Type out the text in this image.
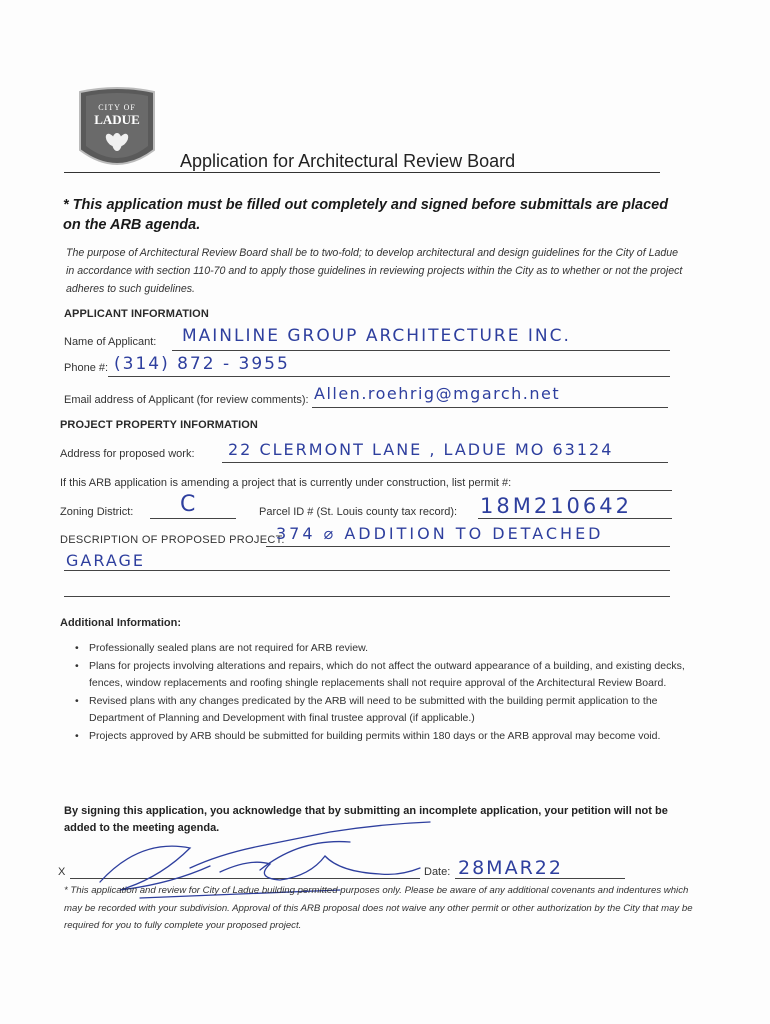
CITY OF
LADUE
Application for Architectural Review Board
* This application must be filled out completely and signed before submittals are placed on the ARB agenda.
The purpose of Architectural Review Board shall be to two-fold; to develop architectural and design guidelines for the City of Ladue in accordance with section 110-70 and to apply those guidelines in reviewing projects within the City as to whether or not the project adheres to such guidelines.
APPLICANT INFORMATION
Name of Applicant: MAINLINE GROUP ARCHITECTURE INC.
Phone #: (314) 872 - 3955
Email address of Applicant (for review comments): Allen.roehrig@mgarch.net
PROJECT PROPERTY INFORMATION
Address for proposed work: 22 CLERMONT LANE , LADUE MO 63124
If this ARB application is amending a project that is currently under construction, list permit #:
Zoning District: C	Parcel ID # (St. Louis county tax record): 18M210642
DESCRIPTION OF PROPOSED PROJECT:
374 ⌀ ADDITION TO DETACHED
GARAGE
Additional Information:

• Professionally sealed plans are not required for ARB review.

• Plans for projects involving alterations and repairs, which do not affect the outward appearance of a building, and existing decks, fences, window replacements and roofing shingle replacements shall not require approval of the Architectural Review Board.

• Revised plans with any changes predicated by the ARB will need to be submitted with the building permit application to the Department of Planning and Development with final trustee approval (if applicable.)

• Projects approved by ARB should be submitted for building permits within 180 days or the ARB approval may become void.

By signing this application, you acknowledge that by submitting an incomplete application, your petition will not be added to the meeting agenda.
X	Date: 28MAR22
* This application and review for City of Ladue building permitted purposes only. Please be aware of any additional covenants and indentures which may be recorded with your subdivision. Approval of this ARB proposal does not waive any other permit or other authorization by the City that may be required for you to fully complete your proposed project.
